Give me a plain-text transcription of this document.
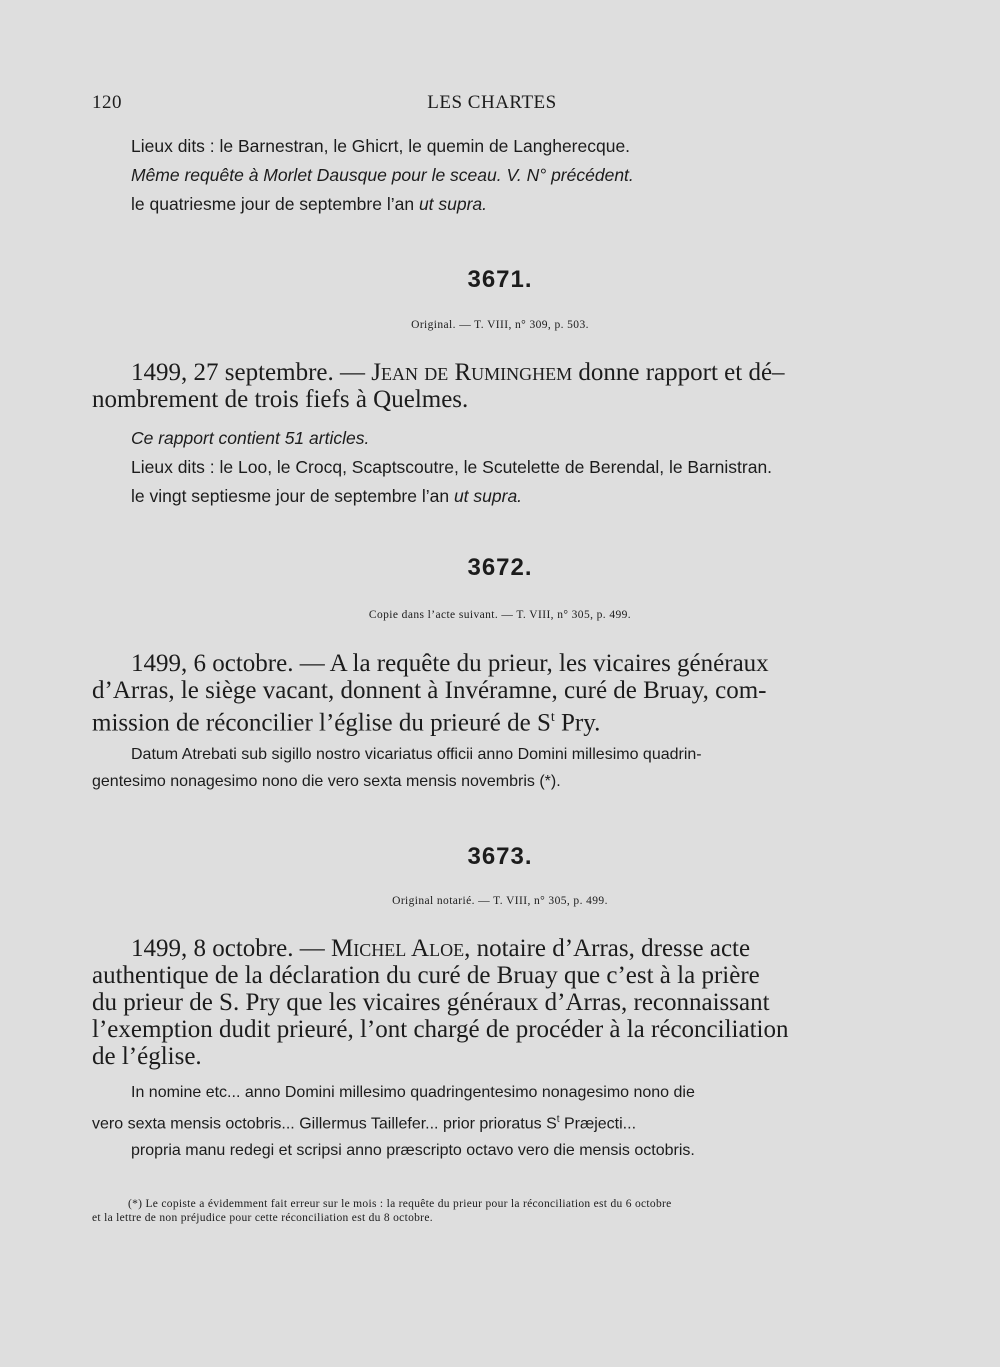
120	LES CHARTES
Lieux dits : le Barnestran, le Ghicrt, le quemin de Langherecque.
Même requête à Morlet Dausque pour le sceau. V. N° précédent.
le quatriesme jour de septembre l’an ut supra.
3671.
Original. — T. VIII, n° 309, p. 503.
1499, 27 septembre. — Jean de Ruminghem donne rapport et dé–
nombrement de trois fiefs à Quelmes.
Ce rapport contient 51 articles.
Lieux dits : le Loo, le Crocq, Scaptscoutre, le Scutelette de Berendal, le Barnistran.
le vingt septiesme jour de septembre l’an ut supra.
3672.
Copie dans l’acte suivant. — T. VIII, n° 305, p. 499.
1499, 6 octobre. — A la requête du prieur, les vicaires généraux
d’Arras, le siège vacant, donnent à Invéramne, curé de Bruay, com-
mission de réconcilier l’église du prieuré de $S^t$ Pry.
Datum Atrebati sub sigillo nostro vicariatus officii anno Domini millesimo quadrin-
gentesimo nonagesimo nono die vero sexta mensis novembris (*).
3673.
Original notarié. — T. VIII, n° 305, p. 499.
1499, 8 octobre. — Michel Aloe, notaire d’Arras, dresse acte
authentique de la déclaration du curé de Bruay que c’est à la prière
du prieur de S. Pry que les vicaires généraux d’Arras, reconnaissant
l’exemption dudit prieuré, l’ont chargé de procéder à la réconciliation
de l’église.
In nomine etc... anno Domini millesimo quadringentesimo nonagesimo nono die
vero sexta mensis octobris... Gillermus Taillefer... prior prioratus $S^t$ Præjecti...
propria manu redegi et scripsi anno præscripto octavo vero die mensis octobris.
(*) Le copiste a évidemment fait erreur sur le mois : la requête du prieur pour la réconciliation est du 6 octobre
et la lettre de non préjudice pour cette réconciliation est du 8 octobre.
